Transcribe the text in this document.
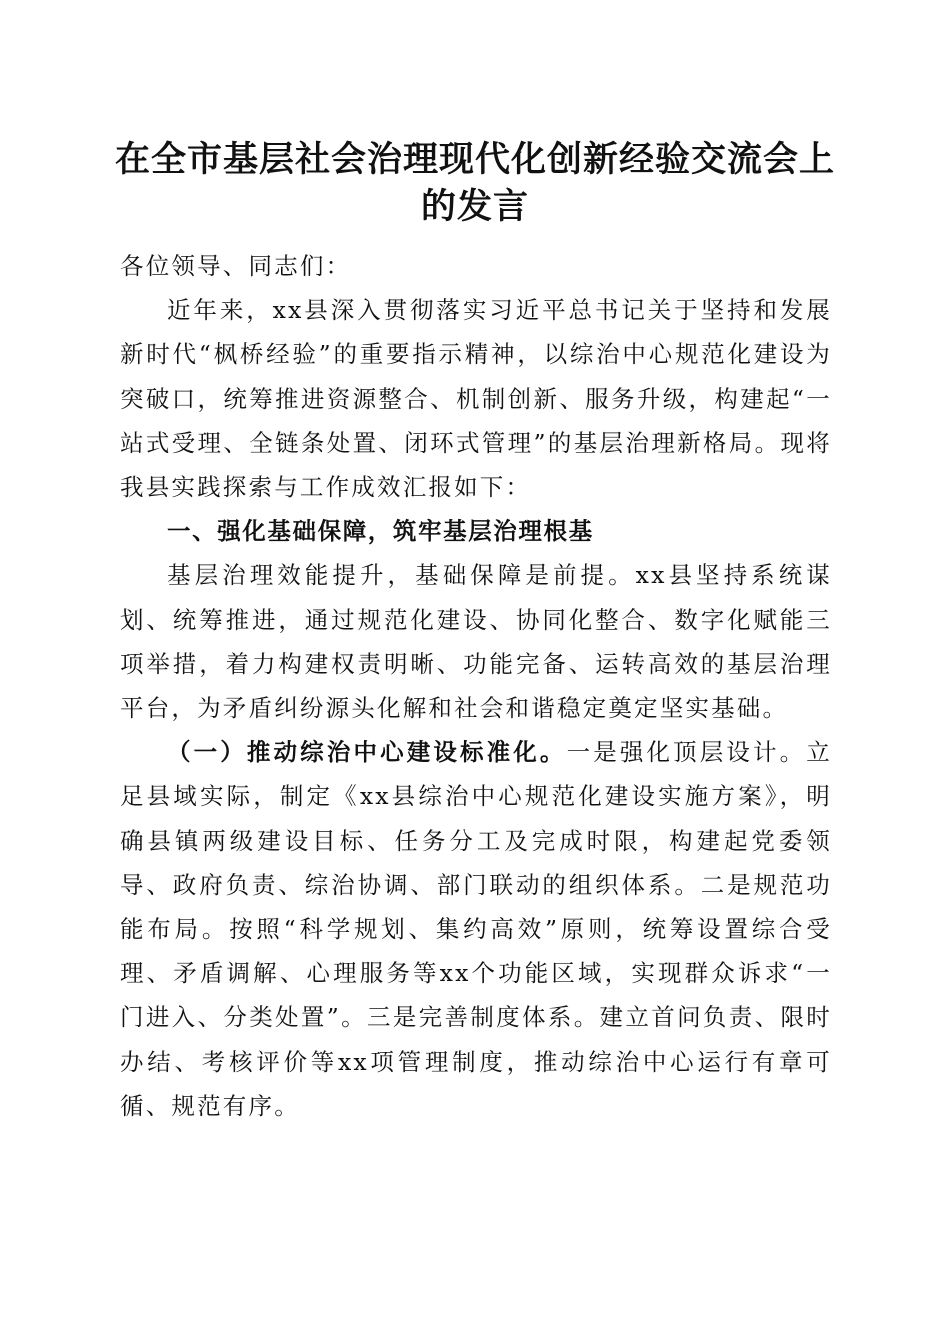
在全市基层社会治理现代化创新经验交流会上的发言

各位领导、同志们：

近年来，xx县深入贯彻落实习近平总书记关于坚持和发展新时代“枫桥经验”的重要指示精神，以综治中心规范化建设为突破口，统筹推进资源整合、机制创新、服务升级，构建起“一站式受理、全链条处置、闭环式管理”的基层治理新格局。现将我县实践探索与工作成效汇报如下：

一、强化基础保障，筑牢基层治理根基

基层治理效能提升，基础保障是前提。xx县坚持系统谋划、统筹推进，通过规范化建设、协同化整合、数字化赋能三项举措，着力构建权责明晰、功能完备、运转高效的基层治理平台，为矛盾纠纷源头化解和社会和谐稳定奠定坚实基础。

（一）推动综治中心建设标准化。一是强化顶层设计。立足县域实际，制定《xx县综治中心规范化建设实施方案》，明确县镇两级建设目标、任务分工及完成时限，构建起党委领导、政府负责、综治协调、部门联动的组织体系。二是规范功能布局。按照“科学规划、集约高效”原则，统筹设置综合受理、矛盾调解、心理服务等xx个功能区域，实现群众诉求“一门进入、分类处置”。三是完善制度体系。建立首问负责、限时办结、考核评价等xx项管理制度，推动综治中心运行有章可循、规范有序。
